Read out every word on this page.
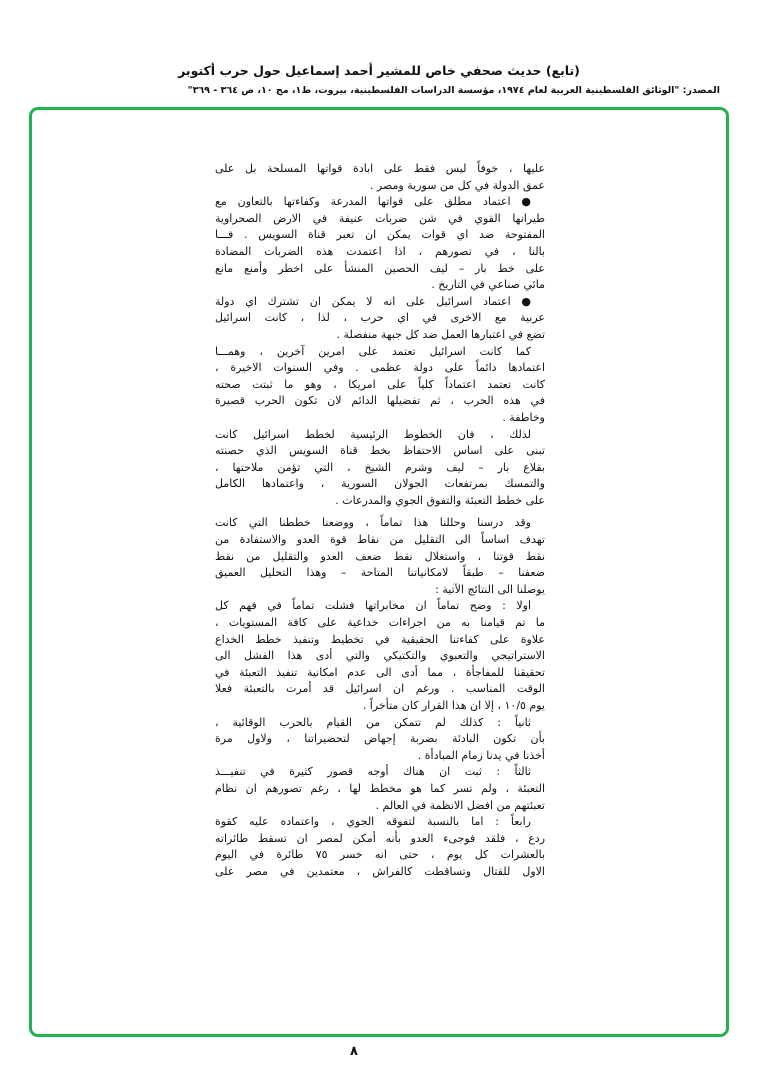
(تابع) حديث صحفي خاص للمشير أحمد إسماعيل حول حرب أكتوبر
المصدر: "الوثائق الفلسطينية العربية لعام ١٩٧٤، مؤسسة الدراسات الفلسطينية، بيروت، ط١، مج ١٠، ص ٣٦٤ - ٣٦٩"
عليها ، خوفاً ليس فقط على ابادة قواتها المسلحة بل على
عمق الدولة في كل من سورية ومصر .
● اعتماد مطلق على قواتها المدرعة وكفاءتها بالتعاون مع
طيرانها القوي في شن ضربات عنيفة في الارض الصحراوية
المفتوحة ضد اي قوات يمكن ان تعبر قناة السويس . فـــا
بالنا ، في تصورهم ، اذا اعتمدت هذه الضربات المضادة
على خط بار – ليف الحصين المنشأ على اخطر وأمنع مانع
مائي صناعي في التاريخ .
● اعتماد اسرائيل على انه لا يمكن ان تشترك اي دولة
عربية مع الاخرى في اي حرب ، لذا ، كانت اسرائيل
تضع في اعتبارها العمل ضد كل جبهة منفصلة .
كما كانت اسرائيل تعتمد على امرين آخرين ، وهمـــا
اعتمادها دائماً على دولة عظمى . وفي السنوات الاخيرة ،
كانت تعتمد اعتماداً كلياً على امريكا ، وهو ما ثبتت صحته
في هذه الحرب ، ثم تفضيلها الدائم لان تكون الحرب قصيرة
وخاطفة .
لذلك ، فان الخطوط الرئيسية لخطط اسرائيل كانت
تبنى على اساس الاحتفاظ بخط قناة السويس الذي حصنته
بقلاع بار – ليف وشرم الشيخ ، التي تؤمن ملاحتها ،
والتمسك بمرتفعات الجولان السورية ، واعتمادها الكامل
على خطط التعبئة والتفوق الجوي والمدرعات .
وقد درسنا وحللنا هذا تماماً ، ووضعنا خططنا التي كانت
تهدف اساساً الى التقليل من نقاط قوة العدو والاستفادة من
نقط قوتنا ، واستغلال نقط ضعف العدو والتقليل من نقط
ضعفنا – طبقاً لامكانياتنا المتاحة – وهذا التحليل العميق
يوصلنا الى النتائج الآتية :
اولا : وضح تماماً ان مخابراتها فشلت تماماً في فهم كل
ما تم قيامنا به من اجراءات خداعية على كافة المستويات ،
علاوة على كفاءتنا الحقيقية في تخطيط وتنفيذ خطط الخداع
الاستراتيجي والتعبوي والتكتيكي والتي أدى هذا الفشل الى
تحقيقنا للمفاجأة ، مما أدى الى عدم امكانية تنفيذ التعبئة في
الوقت المناسب . ورغم ان اسرائيل قد أمرت بالتعبئة فعلا
يوم ١٠/٥ ، إلا ان هذا القرار كان متأخراً .
ثانياً : كذلك لم تتمكن من القيام بالحرب الوقائية ،
بأن تكون البادئة بضربة إجهاض لتحضيراتنا ، ولاول مرة
أخذنا في يدنا زمام المبادأة .
ثالثاً : ثبت ان هناك أوجه قصور كثيرة في تنفيـــذ
التعبئة ، ولم تسر كما هو مخطط لها ، رغم تصورهم ان نظام
تعبئتهم من افضل الانظمة في العالم .
رابعاً : اما بالنسبة لتفوقه الجوي ، واعتماده عليه كقوة
ردع ، فلقد فوجىء العدو بأنه أمكن لمصر ان تسقط طائراته
بالعشرات كل يوم ، حتى انه خسر ٧٥ طائرة في اليوم
الاول للقتال وتساقطت كالفراش ، معتمدين في مصر على
٨
